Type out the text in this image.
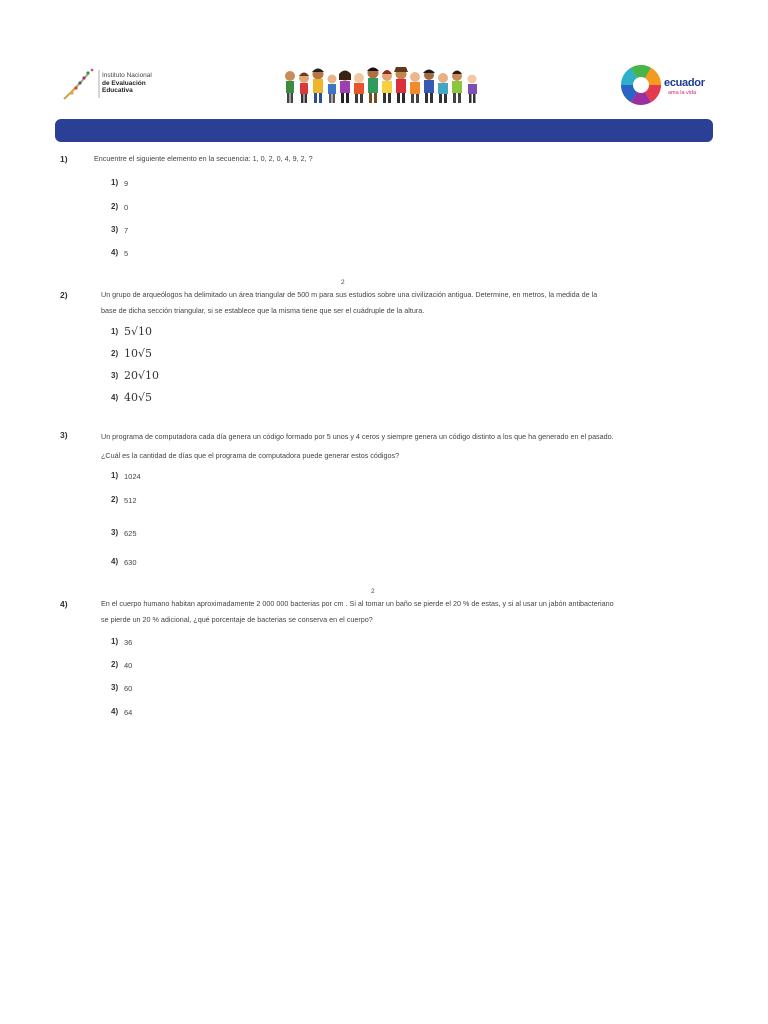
Instituto Nacional
de Evaluación
Educativa
ecuador
ama la vida
1)	Encuentre el siguiente elemento en la secuencia: 1, 0, 2, 0, 4, 9, 2, ?
1) 9
2) 0
3) 7
4) 5
2
2)	Un grupo de arqueólogos ha delimitado un área triangular de 500 m para sus estudios sobre una civilización antigua. Determine, en metros, la medida de la
base de dicha sección triangular, si se establece que la misma tiene que ser el cuádruple de la altura.
1) 5√10
2) 10√5
3) 20√10
4) 40√5
3)	Un programa de computadora cada día genera un código formado por 5 unos y 4 ceros y siempre genera un código distinto a los que ha generado en el pasado.
¿Cuál es la cantidad de días que el programa de computadora puede generar estos códigos?
1) 1024
2) 512
3) 625
4) 630
2
4)	En el cuerpo humano habitan aproximadamente 2 000 000 bacterias por cm . Si al tomar un baño se pierde el 20 % de estas, y si al usar un jabón antibacteriano
se pierde un 20 % adicional, ¿qué porcentaje de bacterias se conserva en el cuerpo?
1) 36
2) 40
3) 60
4) 64
